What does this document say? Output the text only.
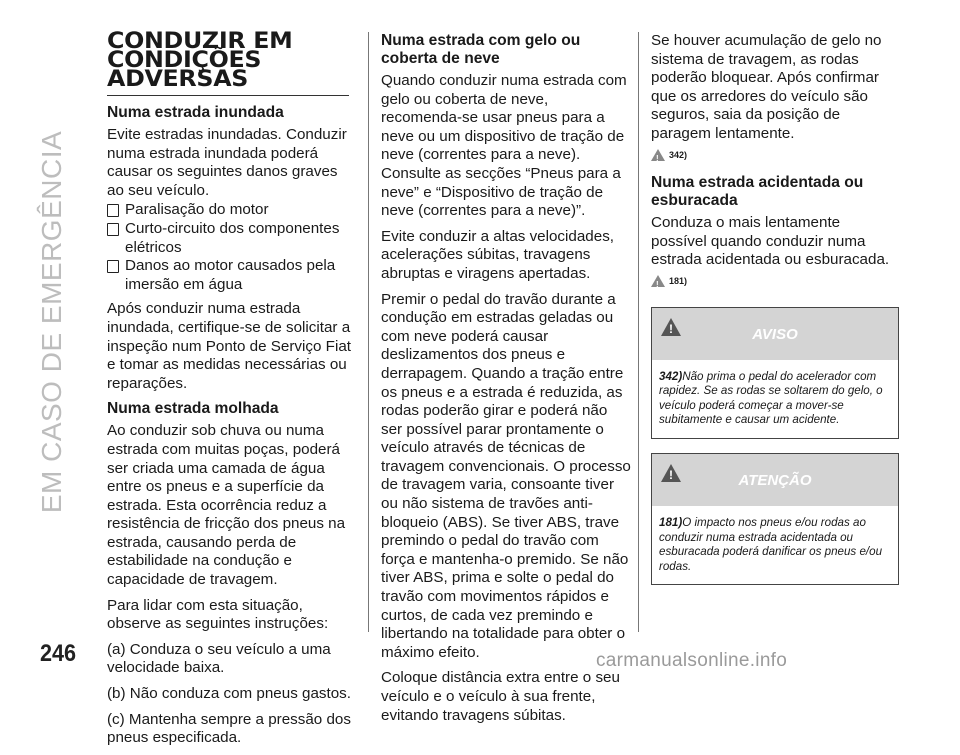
EM CASO DE EMERGÊNCIA
CONDUZIR EM
CONDIÇÕES
ADVERSAS
Numa estrada inundada

Evite estradas inundadas. Conduzir numa estrada inundada poderá causar os seguintes danos graves ao seu veículo.

Paralisação do motor
Curto-circuito dos componentes elétricos
Danos ao motor causados pela imersão em água

Após conduzir numa estrada inundada, certifique-se de solicitar a inspeção num Ponto de Serviço Fiat e tomar as medidas necessárias ou reparações.

Numa estrada molhada

Ao conduzir sob chuva ou numa estrada com muitas poças, poderá ser criada uma camada de água entre os pneus e a superfície da estrada. Esta ocorrência reduz a resistência de fricção dos pneus na estrada, causando perda de estabilidade na condução e capacidade de travagem.

Para lidar com esta situação, observe as seguintes instruções:

(a) Conduza o seu veículo a uma velocidade baixa.

(b) Não conduza com pneus gastos.

(c) Mantenha sempre a pressão dos pneus especificada.

Numa estrada com gelo ou coberta de neve

Quando conduzir numa estrada com gelo ou coberta de neve, recomenda-se usar pneus para a neve ou um dispositivo de tração de neve (correntes para a neve). Consulte as secções “Pneus para a neve” e “Dispositivo de tração de neve (correntes para a neve)”.

Evite conduzir a altas velocidades, acelerações súbitas, travagens abruptas e viragens apertadas.

Premir o pedal do travão durante a condução em estradas geladas ou com neve poderá causar deslizamentos dos pneus e derrapagem. Quando a tração entre os pneus e a estrada é reduzida, as rodas poderão girar e poderá não ser possível parar prontamente o veículo através de técnicas de travagem convencionais. O processo de travagem varia, consoante tiver ou não sistema de travões anti-bloqueio (ABS). Se tiver ABS, trave premindo o pedal do travão com força e mantenha-o premido. Se não tiver ABS, prima e solte o pedal do travão com movimentos rápidos e curtos, de cada vez premindo e libertando na totalidade para obter o máximo efeito.

Coloque distância extra entre o seu veículo e o veículo à sua frente, evitando travagens súbitas.

Se houver acumulação de gelo no sistema de travagem, as rodas poderão bloquear. Após confirmar que os arredores do veículo são seguros, saia da posição de paragem lentamente.

!
342)
Numa estrada acidentada ou esburacada

Conduza o mais lentamente possível quando conduzir numa estrada acidentada ou esburacada.

!
181)
!
AVISO
342)Não prima o pedal do acelerador com rapidez. Se as rodas se soltarem do gelo, o veículo poderá começar a mover-se subitamente e causar um acidente.
!
ATENÇÃO
181)O impacto nos pneus e/ou rodas ao conduzir numa estrada acidentada ou esburacada poderá danificar os pneus e/ou rodas.
246	carmanualsonline.info
